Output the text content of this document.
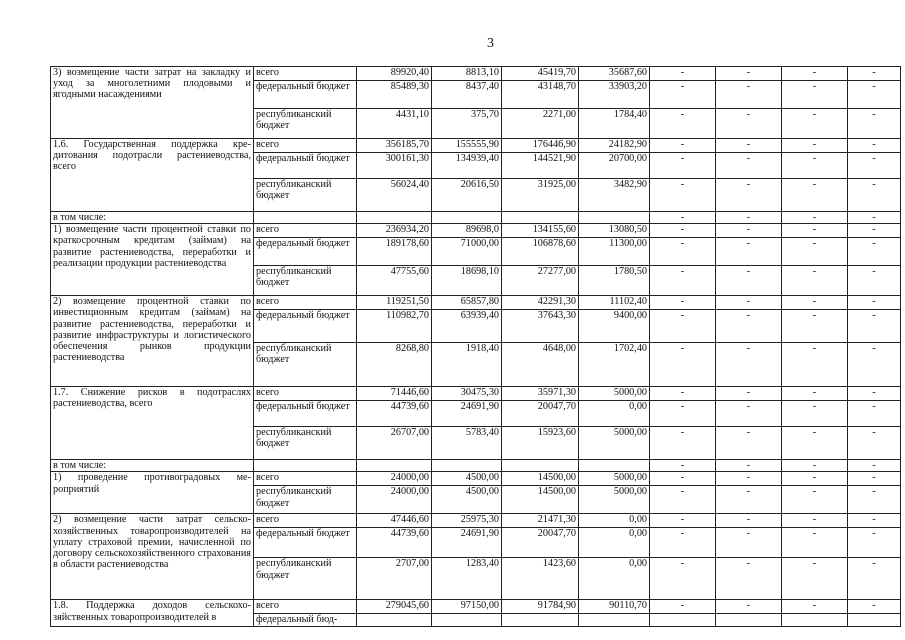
3
3) возмещение части затрат на закладку и уход за многолетними плодовыми и ягодными насаждениями	всего	89920,40	8813,10	45419,70	35687,60	-	-	-	-
	федеральный бюджет	85489,30	8437,40	43148,70	33903,20	-	-	-	-
	республиканский бюджет	4431,10	375,70	2271,00	1784,40	-	-	-	-
1.6. Государственная поддержка кредитования подотрасли растениеводства, всего	всего	356185,70	155555,90	176446,90	24182,90	-	-	-	-
	федеральный бюджет	300161,30	134939,40	144521,90	20700,00	-	-	-	-
	республиканский бюджет	56024,40	20616,50	31925,00	3482,90	-	-	-	-
в том числе:						-	-	-	-
1) возмещение части процентной ставки по краткосрочным кредитам (займам) на развитие растениеводства, переработки и реализации продукции растениеводства	всего	236934,20	89698,0	134155,60	13080,50	-	-	-	-
	федеральный бюджет	189178,60	71000,00	106878,60	11300,00	-	-	-	-
	республиканский бюджет	47755,60	18698,10	27277,00	1780,50	-	-	-	-
2) возмещение процентной ставки по инвестиционным кредитам (займам) на развитие растениеводства, переработки и развитие инфраструктуры и логистического обеспечения рынков продукции растениеводства	всего	119251,50	65857,80	42291,30	11102,40	-	-	-	-
	федеральный бюджет	110982,70	63939,40	37643,30	9400,00	-	-	-	-
	республиканский бюджет	8268,80	1918,40	4648,00	1702,40	-	-	-	-
1.7. Снижение рисков в подотраслях растениеводства, всего	всего	71446,60	30475,30	35971,30	5000,00	-	-	-	-
	федеральный бюджет	44739,60	24691,90	20047,70	0,00	-	-	-	-
	республиканский бюджет	26707,00	5783,40	15923,60	5000,00	-	-	-	-
в том числе:						-	-	-	-
1) проведение противоградовых мероприятий	всего	24000,00	4500,00	14500,00	5000,00	-	-	-	-
	республиканский бюджет	24000,00	4500,00	14500,00	5000,00	-	-	-	-
2) возмещение части затрат сельскохозяйственных товаропроизводителей на уплату страховой премии, начисленной по договору сельскохозяйственного страхования в области растениеводства	всего	47446,60	25975,30	21471,30	0,00	-	-	-	-
	федеральный бюджет	44739,60	24691,90	20047,70	0,00	-	-	-	-
	республиканский бюджет	2707,00	1283,40	1423,60	0,00	-	-	-	-
1.8. Поддержка доходов сельскохозяйственных товаропроизводителей в	всего	279045,60	97150,00	91784,90	90110,70	-	-	-	-
	федеральный бюд-								
